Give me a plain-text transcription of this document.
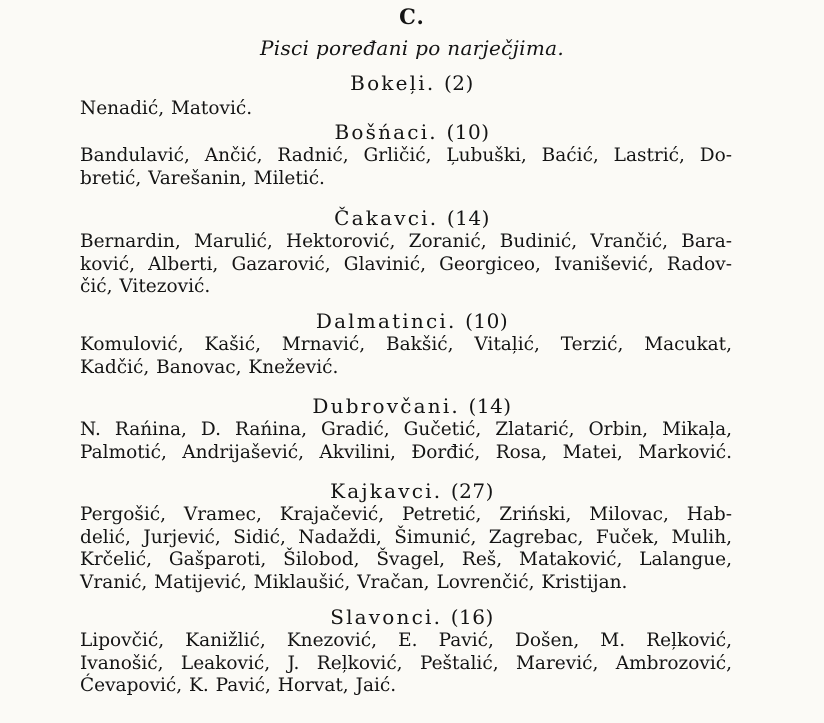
C.
Pisci poređani po narječjima.
Bokeļi. (2)
Nenadić, Matović.
Bošńaci. (10)
Bandulavić, Ančić, Radnić, Grličić, Ļubuški, Baćić, Lastrić, Do-
bretić, Varešanin, Miletić.
Čakavci. (14)
Bernardin, Marulić, Hektorović, Zoranić, Budinić, Vrančić, Bara-
ković, Alberti, Gazarović, Glavinić, Georgiceo, Ivanišević, Radov-
čić, Vitezović.
Dalmatinci. (10)
Komulović, Kašić, Mrnavić, Bakšić, Vitaļić, Terzić, Macukat,
Kadčić, Banovac, Knežević.
Dubrovčani. (14)
N. Rańina, D. Rańina, Gradić, Gučetić, Zlatarić, Orbin, Mikaļa,
Palmotić, Andrijašević, Akvilini, Đorđić, Rosa, Matei, Marković.
Kajkavci. (27)
Pergošić, Vramec, Krajačević, Petretić, Zriński, Milovac, Hab-
delić, Jurjević, Sidić, Nadaždi, Šimunić, Zagrebac, Fuček, Mulih,
Krčelić, Gašparoti, Šilobod, Švagel, Reš, Mataković, Lalangue,
Vranić, Matijević, Miklaušić, Vračan, Lovrenčić, Kristijan.
Slavonci. (16)
Lipovčić, Kanižlić, Knezović, E. Pavić, Došen, M. Reļković,
Ivanošić, Leaković, J. Reļković, Peštalić, Marević, Ambrozović,
Ćevapović, K. Pavić, Horvat, Jaić.
